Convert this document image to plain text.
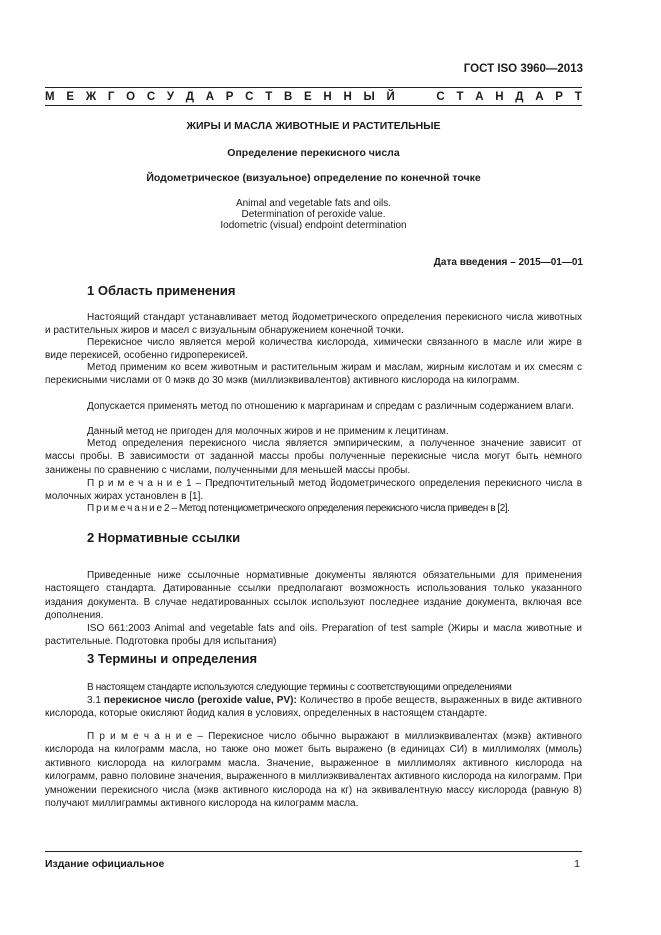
ГОСТ ISO 3960—2013
М Е Ж Г О С У Д А Р С Т В Е Н Н Ы Й

	С Т А Н Д А Р Т
ЖИРЫ И МАСЛА ЖИВОТНЫЕ И РАСТИТЕЛЬНЫЕ
Определение перекисного числа
Йодометрическое (визуальное) определение по конечной точке
Animal and vegetable fats and oils.
Determination of peroxide value.
Iodometric (visual) endpoint determination
Дата введения – 2015—01—01
1 Область применения

Настоящий стандарт устанавливает метод йодометрического определения перекисного числа животных и растительных жиров и масел с визуальным обнаружением конечной точки.

Перекисное число является мерой количества кислорода, химически связанного в масле или жире в виде перекисей, особенно гидроперекисей.

Метод применим ко всем животным и растительным жирам и маслам, жирным кислотам и их смесям с перекисными числами от 0 мэкв до 30 мэкв (миллиэквивалентов) активного кислорода на килограмм.

Допускается применять метод по отношению к маргаринам и спредам с различным содержанием влаги.

Данный метод не пригоден для молочных жиров и не применим к лецитинам.

Метод определения перекисного числа является эмпирическим, а полученное значение зависит от массы пробы. В зависимости от заданной массы пробы полученные перекисные числа могут быть немного занижены по сравнению с числами, полученными для меньшей массы пробы.

П р и м е ч а н и е 1 – Предпочтительный метод йодометрического определения перекисного числа в молочных жирах установлен в [1].

П р и м е ч а н и е 2 – Метод потенциометрического определения перекисного числа приведен в [2].

2 Нормативные ссылки

Приведенные ниже ссылочные нормативные документы являются обязательными для применения настоящего стандарта. Датированные ссылки предполагают возможность использования только указанного издания документа. В случае недатированных ссылок используют последнее издание документа, включая все дополнения.

ISO 661:2003 Animal and vegetable fats and oils. Preparation of test sample (Жиры и масла животные и растительные. Подготовка пробы для испытания)

3 Термины и определения

В настоящем стандарте используются следующие термины с соответствующими определениями

3.1 перекисное число (peroxide value, PV): Количество в пробе веществ, выраженных в виде активного кислорода, которые окисляют йодид калия в условиях, определенных в настоящем стандарте.

П р и м е ч а н и е – Перекисное число обычно выражают в миллиэквивалентах (мэкв) активного кислорода на килограмм масла, но также оно может быть выражено (в единицах СИ) в миллимолях (ммоль) активного кислорода на килограмм масла. Значение, выраженное в миллимолях активного кислорода на килограмм, равно половине значения, выраженного в миллиэквивалентах активного кислорода на килограмм. При умножении перекисного числа (мэкв активного кислорода на кг) на эквивалентную массу кислорода (равную 8) получают миллиграммы активного кислорода на килограмм масла.

Издание официальное	1
